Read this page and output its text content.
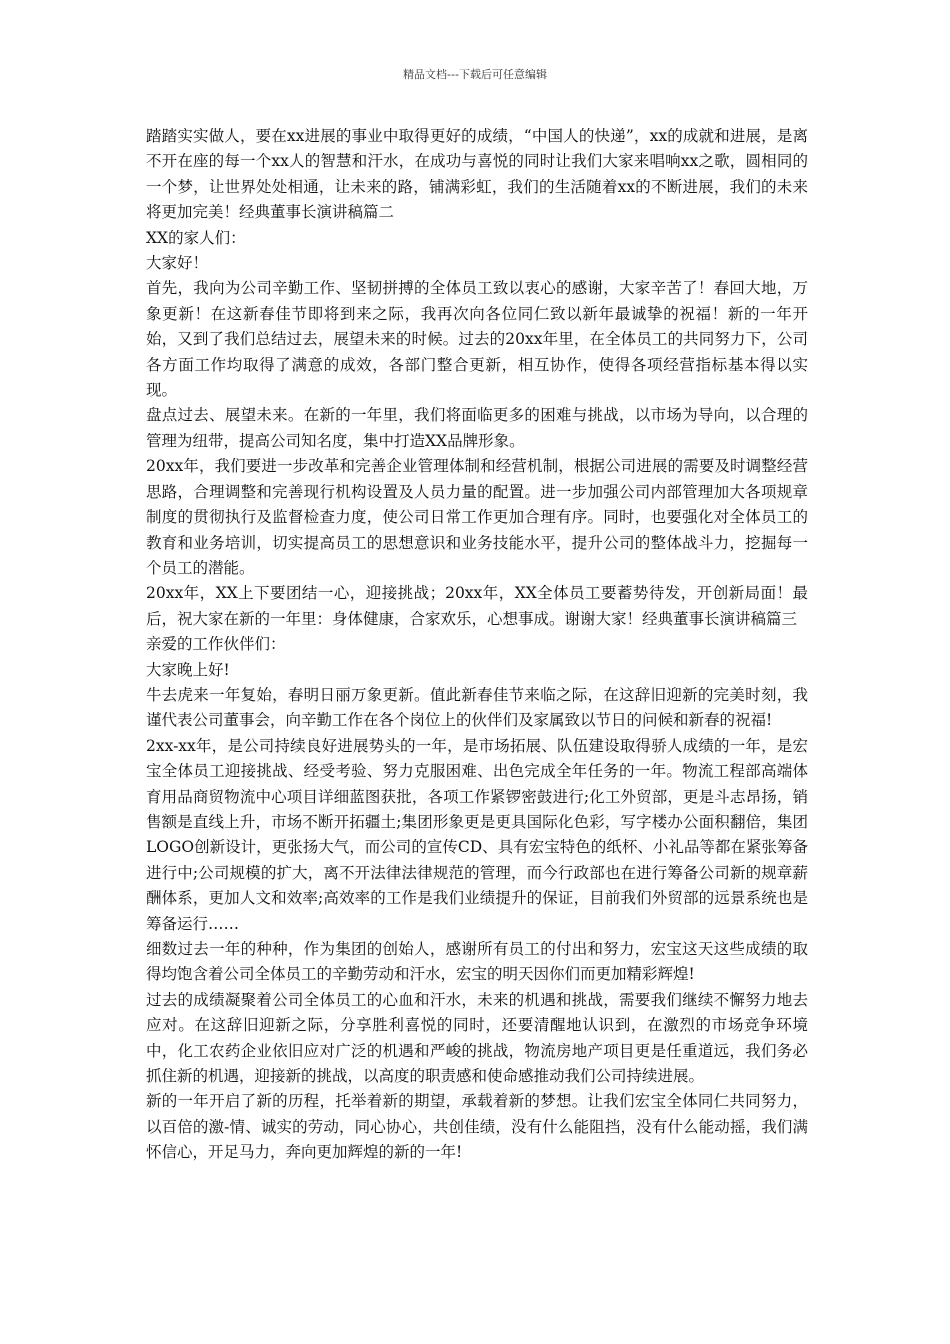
精品文档---下载后可任意编辑

踏踏实实做人，要在xx进展的事业中取得更好的成绩，“中国人的快递”，xx的成就和进展，是离不开在座的每一个xx人的智慧和汗水，在成功与喜悦的同时让我们大家来唱响xx之歌，圆相同的一个梦，让世界处处相通，让未来的路，铺满彩虹，我们的生活随着xx的不断进展，我们的未来将更加完美！经典董事长演讲稿篇二

XX的家人们：

大家好！

首先，我向为公司辛勤工作、坚韧拼搏的全体员工致以衷心的感谢，大家辛苦了！春回大地，万象更新！在这新春佳节即将到来之际，我再次向各位同仁致以新年最诚挚的祝福！新的一年开始，又到了我们总结过去，展望未来的时候。过去的20xx年里，在全体员工的共同努力下，公司各方面工作均取得了满意的成效，各部门整合更新，相互协作，使得各项经营指标基本得以实现。

盘点过去、展望未来。在新的一年里，我们将面临更多的困难与挑战，以市场为导向，以合理的管理为纽带，提高公司知名度，集中打造XX品牌形象。

20xx年，我们要进一步改革和完善企业管理体制和经营机制，根据公司进展的需要及时调整经营思路，合理调整和完善现行机构设置及人员力量的配置。进一步加强公司内部管理加大各项规章制度的贯彻执行及监督检查力度，使公司日常工作更加合理有序。同时，也要强化对全体员工的教育和业务培训，切实提高员工的思想意识和业务技能水平，提升公司的整体战斗力，挖掘每一个员工的潜能。

20xx年，XX上下要团结一心，迎接挑战；20xx年，XX全体员工要蓄势待发，开创新局面！最后，祝大家在新的一年里：身体健康，合家欢乐，心想事成。谢谢大家！经典董事长演讲稿篇三

亲爱的工作伙伴们：

大家晚上好!

牛去虎来一年复始，春明日丽万象更新。值此新春佳节来临之际，在这辞旧迎新的完美时刻，我谨代表公司董事会，向辛勤工作在各个岗位上的伙伴们及家属致以节日的问候和新春的祝福!

2xx-xx年，是公司持续良好进展势头的一年，是市场拓展、队伍建设取得骄人成绩的一年，是宏宝全体员工迎接挑战、经受考验、努力克服困难、出色完成全年任务的一年。物流工程部高端体育用品商贸物流中心项目详细蓝图获批，各项工作紧锣密鼓进行;化工外贸部，更是斗志昂扬，销售额是直线上升，市场不断开拓疆土;集团形象更是更具国际化色彩，写字楼办公面积翻倍，集团LOGO创新设计，更张扬大气，而公司的宣传CD、具有宏宝特色的纸杯、小礼品等都在紧张筹备进行中;公司规模的扩大，离不开法律法律规范的管理，而今行政部也在进行筹备公司新的规章薪酬体系，更加人文和效率;高效率的工作是我们业绩提升的保证，目前我们外贸部的远景系统也是筹备运行……

细数过去一年的种种，作为集团的创始人，感谢所有员工的付出和努力，宏宝这天这些成绩的取得均饱含着公司全体员工的辛勤劳动和汗水，宏宝的明天因你们而更加精彩辉煌!

过去的成绩凝聚着公司全体员工的心血和汗水，未来的机遇和挑战，需要我们继续不懈努力地去应对。在这辞旧迎新之际，分享胜利喜悦的同时，还要清醒地认识到，在激烈的市场竞争环境中，化工农药企业依旧应对广泛的机遇和严峻的挑战，物流房地产项目更是任重道远，我们务必抓住新的机遇，迎接新的挑战，以高度的职责感和使命感推动我们公司持续进展。

新的一年开启了新的历程，托举着新的期望，承载着新的梦想。让我们宏宝全体同仁共同努力，以百倍的激-情、诚实的劳动，同心协心，共创佳绩，没有什么能阻挡，没有什么能动摇，我们满怀信心，开足马力，奔向更加辉煌的新的一年!
